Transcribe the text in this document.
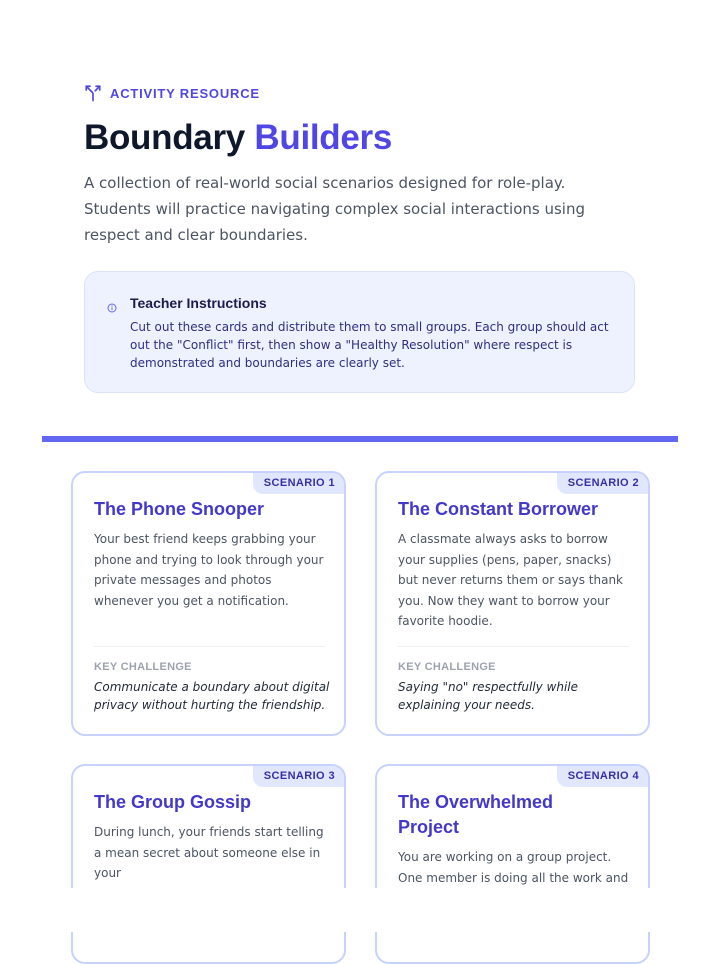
ACTIVITY RESOURCE
Boundary Builders

A collection of real-world social scenarios designed for role-play. Students will practice navigating complex social interactions using respect and clear boundaries.

Teacher Instructions

Cut out these cards and distribute them to small groups. Each group should act out the "Conflict" first, then show a "Healthy Resolution" where respect is demonstrated and boundaries are clearly set.

SCENARIO 1
The Phone Snooper

Your best friend keeps grabbing your phone and trying to look through your private messages and photos whenever you get a notification.

KEY CHALLENGE

Communicate a boundary about digital privacy without hurting the friendship.

SCENARIO 2
The Constant Borrower

A classmate always asks to borrow your supplies (pens, paper, snacks) but never returns them or says thank you. Now they want to borrow your favorite hoodie.

KEY CHALLENGE

Saying "no" respectfully while explaining your needs.

SCENARIO 3
The Group Gossip

During lunch, your friends start telling a mean secret about someone else in your

SCENARIO 4
The Overwhelmed Project

You are working on a group project. One member is doing all the work and
